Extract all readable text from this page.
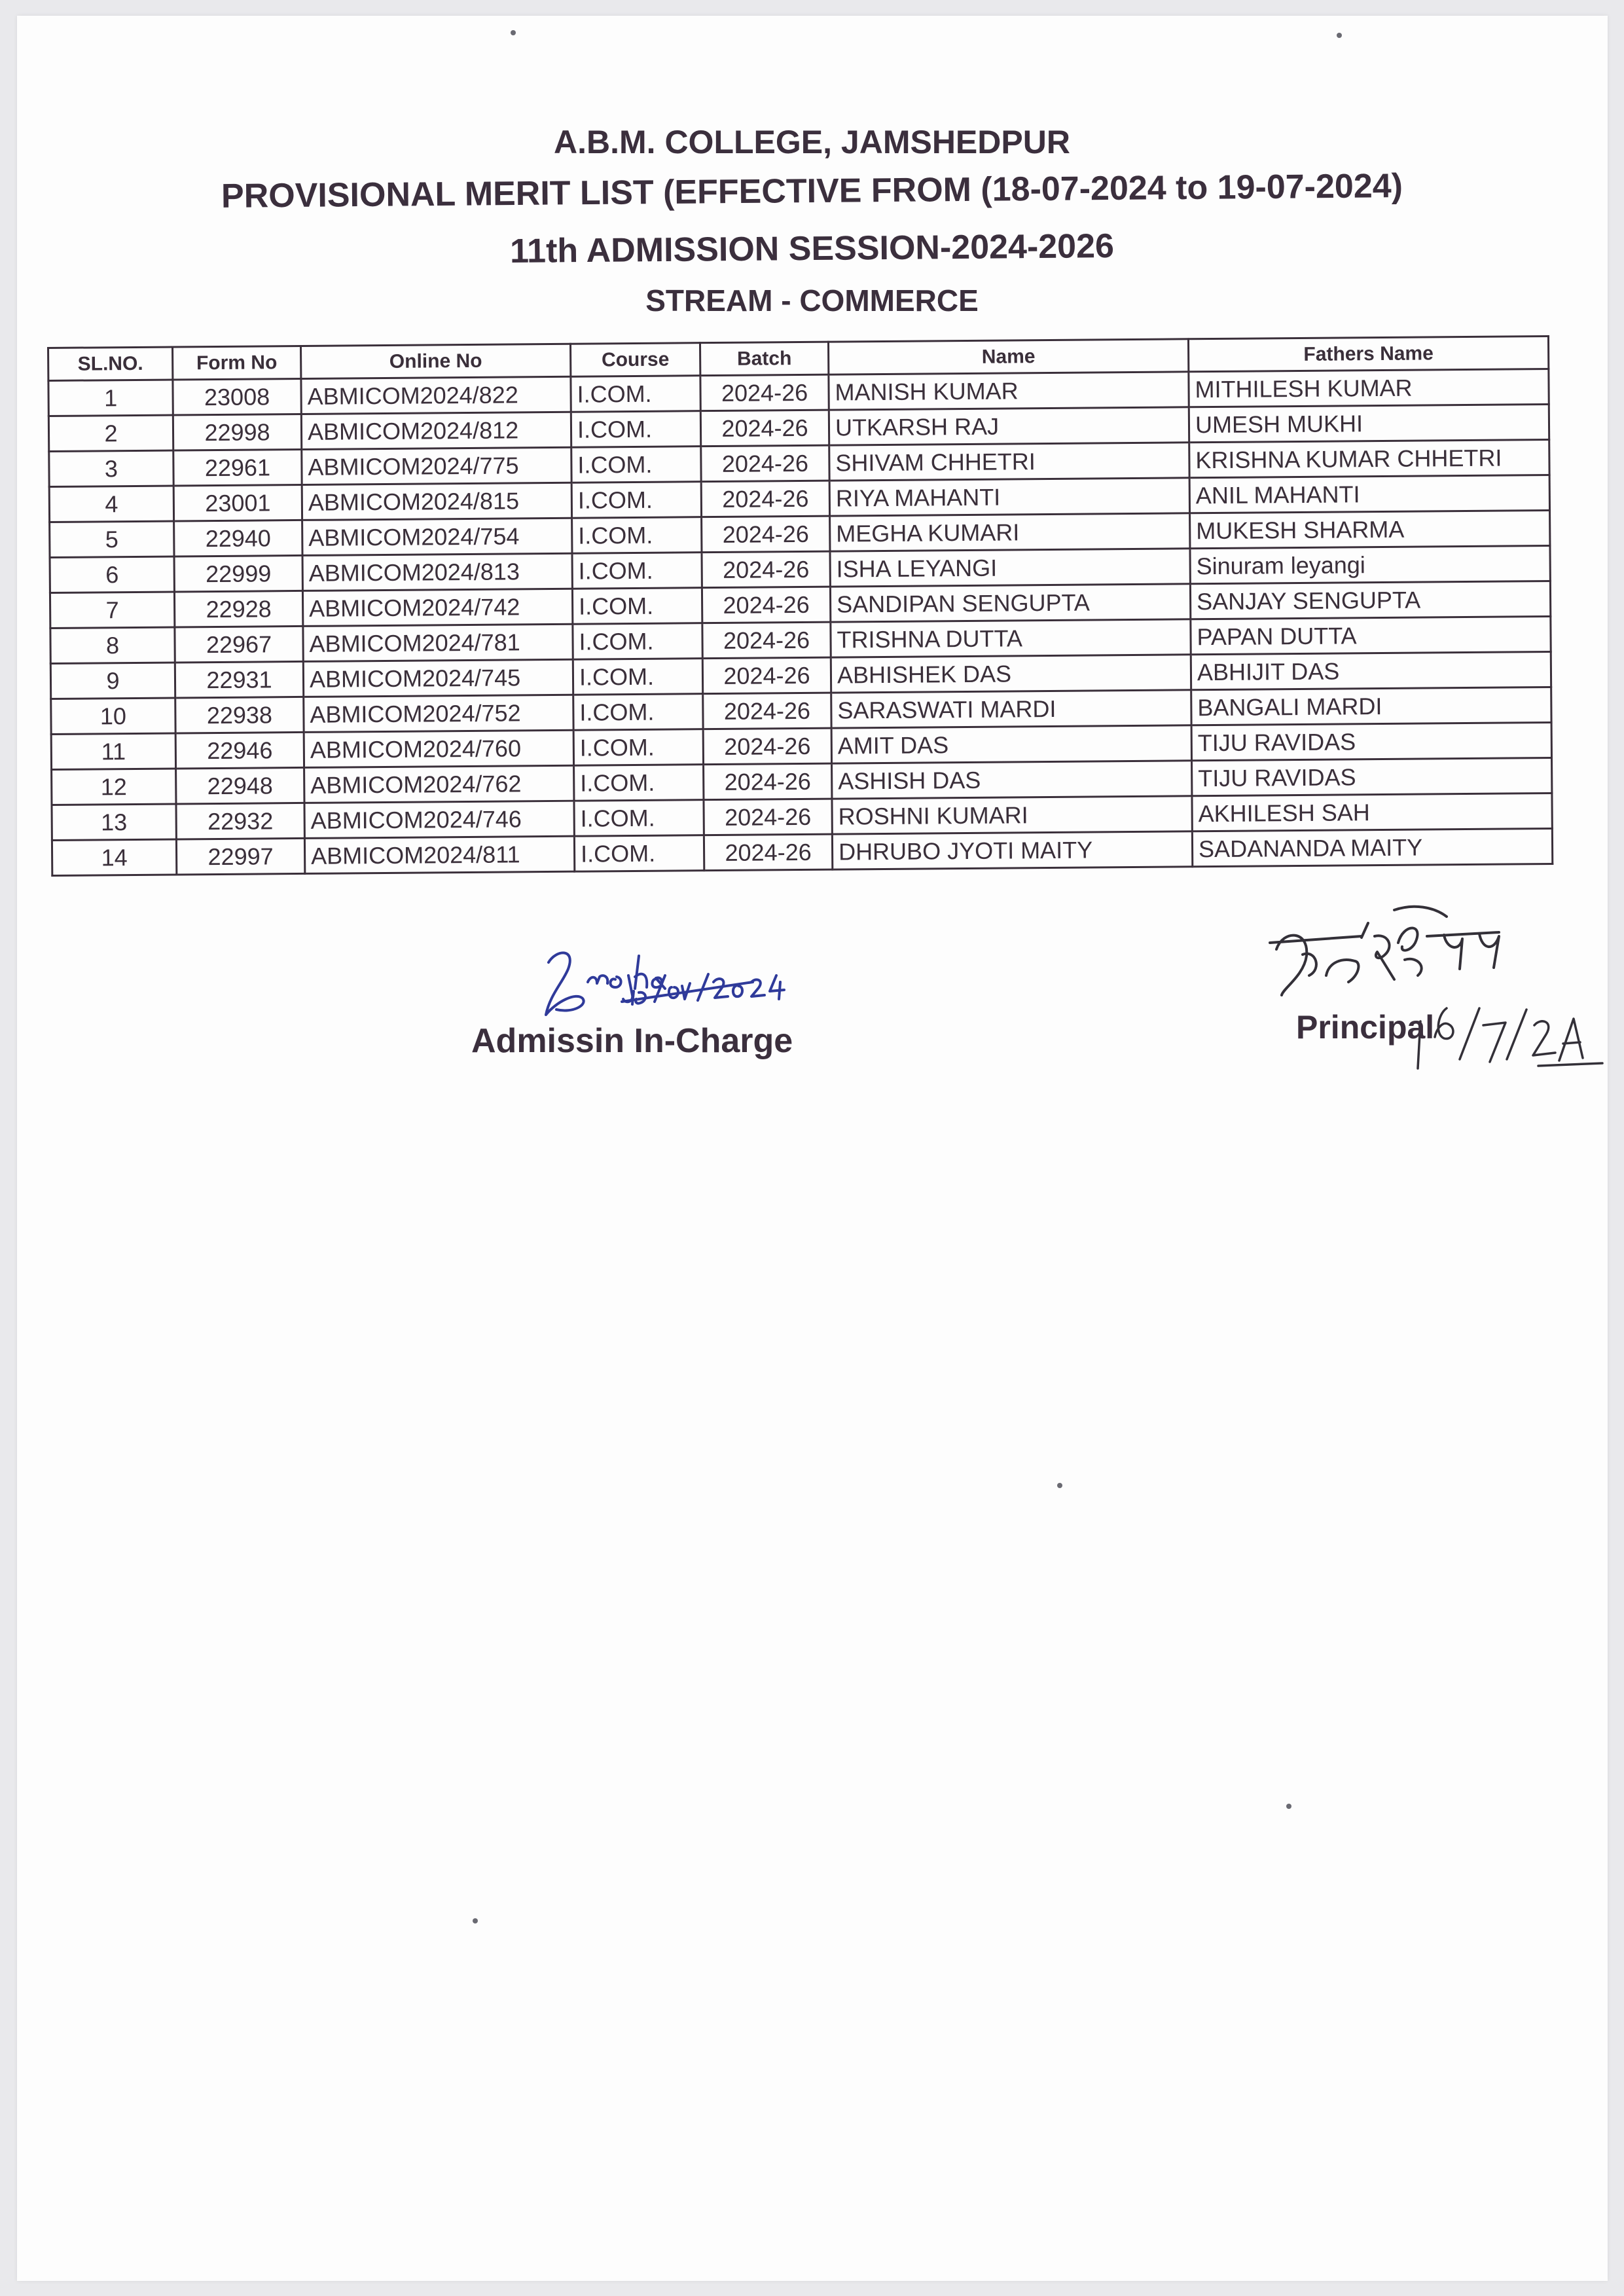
A.B.M. COLLEGE, JAMSHEDPUR
PROVISIONAL MERIT LIST (EFFECTIVE FROM (18-07-2024 to 19-07-2024)
11th ADMISSION SESSION-2024-2026
STREAM - COMMERCE
SL.NO.	Form No	Online No	Course	Batch	Name	Fathers Name
1	23008	ABMICOM2024/822	I.COM.	2024-26	MANISH KUMAR	MITHILESH KUMAR
2	22998	ABMICOM2024/812	I.COM.	2024-26	UTKARSH RAJ	UMESH MUKHI
3	22961	ABMICOM2024/775	I.COM.	2024-26	SHIVAM CHHETRI	KRISHNA KUMAR CHHETRI
4	23001	ABMICOM2024/815	I.COM.	2024-26	RIYA MAHANTI	ANIL MAHANTI
5	22940	ABMICOM2024/754	I.COM.	2024-26	MEGHA KUMARI	MUKESH SHARMA
6	22999	ABMICOM2024/813	I.COM.	2024-26	ISHA LEYANGI	Sinuram leyangi
7	22928	ABMICOM2024/742	I.COM.	2024-26	SANDIPAN SENGUPTA	SANJAY SENGUPTA
8	22967	ABMICOM2024/781	I.COM.	2024-26	TRISHNA DUTTA	PAPAN DUTTA
9	22931	ABMICOM2024/745	I.COM.	2024-26	ABHISHEK DAS	ABHIJIT DAS
10	22938	ABMICOM2024/752	I.COM.	2024-26	SARASWATI MARDI	BANGALI MARDI
11	22946	ABMICOM2024/760	I.COM.	2024-26	AMIT DAS	TIJU RAVIDAS
12	22948	ABMICOM2024/762	I.COM.	2024-26	ASHISH DAS	TIJU RAVIDAS
13	22932	ABMICOM2024/746	I.COM.	2024-26	ROSHNI KUMARI	AKHILESH SAH
14	22997	ABMICOM2024/811	I.COM.	2024-26	DHRUBO JYOTI MAITY	SADANANDA MAITY
Admissin In-Charge	Principal
